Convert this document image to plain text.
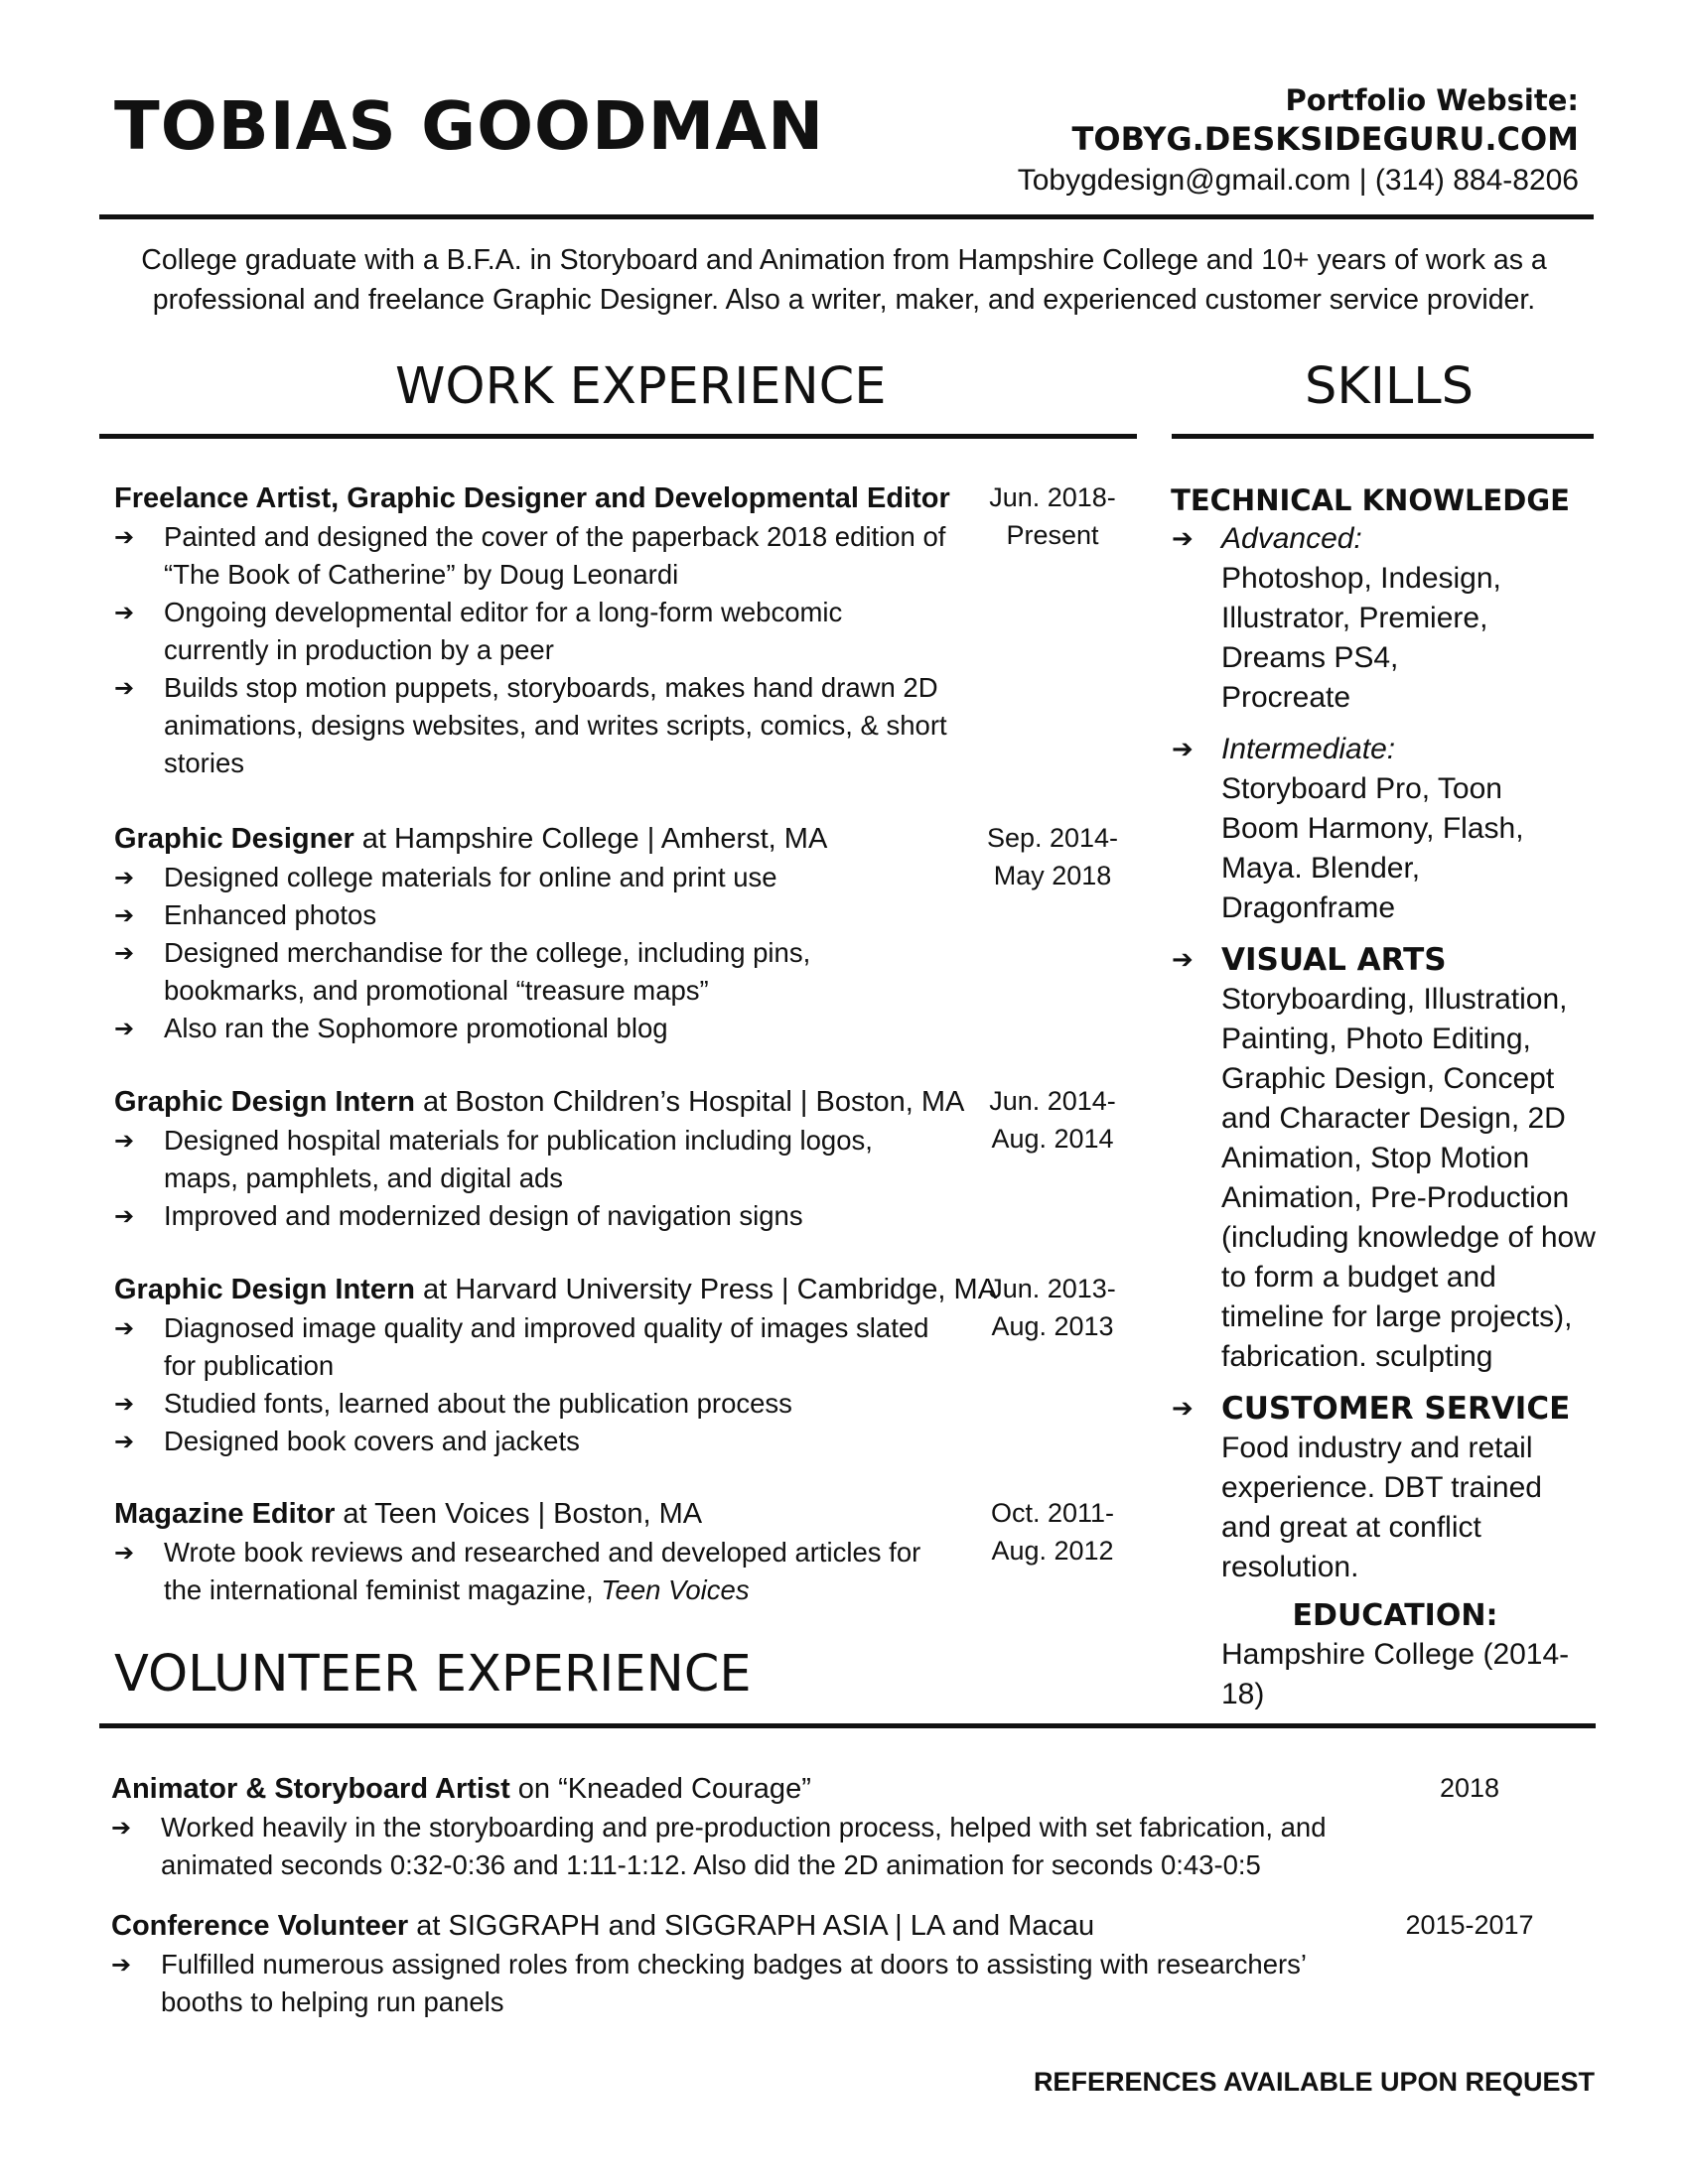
TOBIAS GOODMAN	Portfolio Website:
TOBYG.DESKSIDEGURU.COM
Tobygdesign@gmail.com | (314) 884-8206
College graduate with a B.F.A. in Storyboard and Animation from Hampshire College and 10+ years of work as a
professional and freelance Graphic Designer. Also a writer, maker, and experienced customer service provider.
WORK EXPERIENCE	SKILLS
Freelance Artist, Graphic Designer and Developmental Editor
➔ Painted and designed the cover of the paperback 2018 edition of
“The Book of Catherine” by Doug Leonardi
➔ Ongoing developmental editor for a long-form webcomic
currently in production by a peer
➔ Builds stop motion puppets, storyboards, makes hand drawn 2D
animations, designs websites, and writes scripts, comics, & short
stories
Jun. 2018-
Present
Graphic Designer at Hampshire College | Amherst, MA
➔ Designed college materials for online and print use
➔ Enhanced photos
➔ Designed merchandise for the college, including pins,
bookmarks, and promotional “treasure maps”
➔ Also ran the Sophomore promotional blog
Sep. 2014-
May 2018
Graphic Design Intern at Boston Children’s Hospital | Boston, MA
➔ Designed hospital materials for publication including logos,
maps, pamphlets, and digital ads
➔ Improved and modernized design of navigation signs
Jun. 2014-
Aug. 2014
Graphic Design Intern at Harvard University Press | Cambridge, MA
➔ Diagnosed image quality and improved quality of images slated
for publication
➔ Studied fonts, learned about the publication process
➔ Designed book covers and jackets
Jun. 2013-
Aug. 2013
Magazine Editor at Teen Voices | Boston, MA
➔ Wrote book reviews and researched and developed articles for
the international feminist magazine, Teen Voices
Oct. 2011-
Aug. 2012
TECHNICAL KNOWLEDGE
➔ Advanced:
Photoshop, Indesign, Illustrator, Premiere, Dreams PS4, Procreate
➔ Intermediate:
Storyboard Pro, Toon Boom Harmony, Flash, Maya. Blender, Dragonframe
➔ VISUAL ARTS
Storyboarding, Illustration, Painting, Photo Editing, Graphic Design, Concept and Character Design, 2D Animation, Stop Motion Animation, Pre-Production (including knowledge of how to form a budget and timeline for large projects), fabrication. sculpting
➔ CUSTOMER SERVICE
Food industry and retail experience. DBT trained and great at conflict resolution.
EDUCATION:
Hampshire College (2014-18)
VOLUNTEER EXPERIENCE
Animator & Storyboard Artist on “Kneaded Courage”
➔ Worked heavily in the storyboarding and pre-production process, helped with set fabrication, and
animated seconds 0:32-0:36 and 1:11-1:12. Also did the 2D animation for seconds 0:43-0:5
2018
Conference Volunteer at SIGGRAPH and SIGGRAPH ASIA | LA and Macau
➔ Fulfilled numerous assigned roles from checking badges at doors to assisting with researchers’
booths to helping run panels
2015-2017
REFERENCES AVAILABLE UPON REQUEST
